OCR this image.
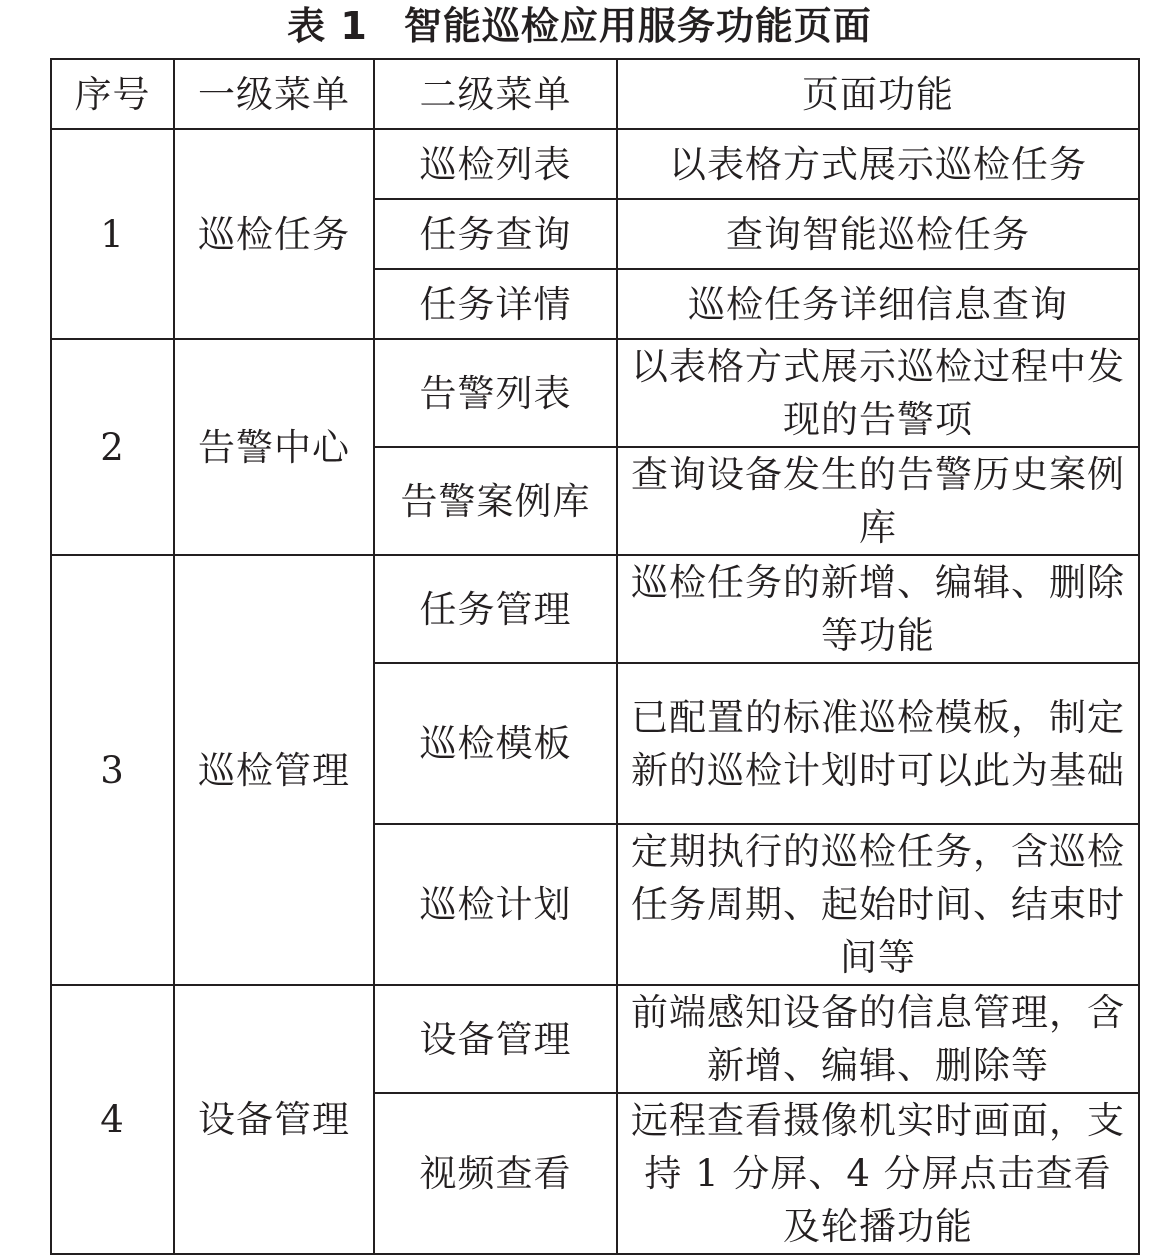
表 1 智能巡检应用服务功能页面
序号	一级菜单	二级菜单	页面功能
1	巡检任务	巡检列表	以表格方式展示巡检任务
		任务查询	查询智能巡检任务
		任务详情	巡检任务详细信息查询
2	告警中心	告警列表	以表格方式展示巡检过程中发现的告警项
		告警案例库	查询设备发生的告警历史案例库
3	巡检管理	任务管理	巡检任务的新增、编辑、删除等功能
		巡检模板	已配置的标准巡检模板，制定新的巡检计划时可以此为基础
		巡检计划	定期执行的巡检任务，含巡检任务周期、起始时间、结束时间等
4	设备管理	设备管理	前端感知设备的信息管理，含新增、编辑、删除等
		视频查看	远程查看摄像机实时画面，支持 1 分屏、4 分屏点击查看及轮播功能
